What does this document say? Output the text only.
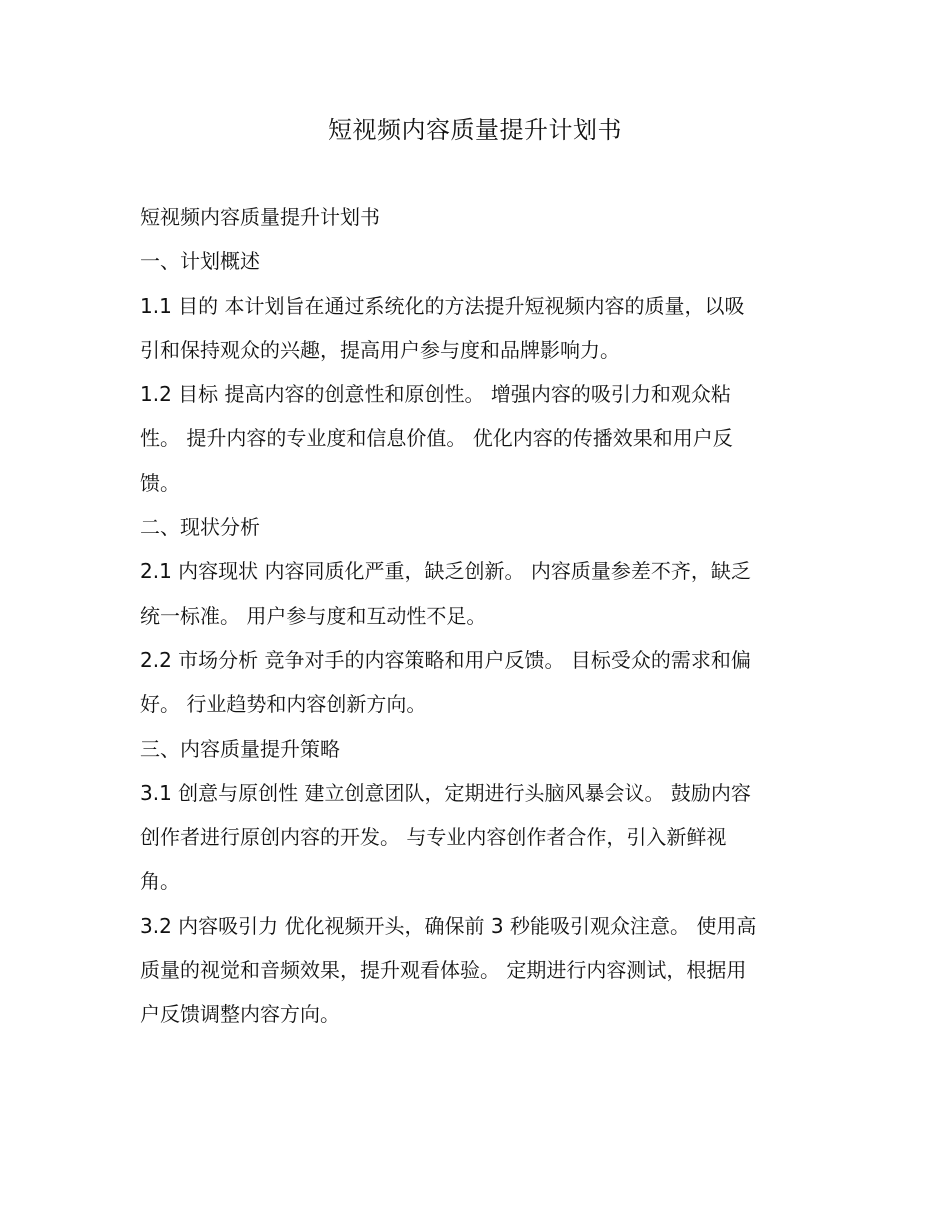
短视频内容质量提升计划书
短视频内容质量提升计划书
一、计划概述
1.1 目的 本计划旨在通过系统化的方法提升短视频内容的质量，以吸
引和保持观众的兴趣，提高用户参与度和品牌影响力。
1.2 目标 提高内容的创意性和原创性。 增强内容的吸引力和观众粘
性。 提升内容的专业度和信息价值。 优化内容的传播效果和用户反
馈。
二、现状分析
2.1 内容现状 内容同质化严重，缺乏创新。 内容质量参差不齐，缺乏
统一标准。 用户参与度和互动性不足。
2.2 市场分析 竞争对手的内容策略和用户反馈。 目标受众的需求和偏
好。 行业趋势和内容创新方向。
三、内容质量提升策略
3.1 创意与原创性 建立创意团队，定期进行头脑风暴会议。 鼓励内容
创作者进行原创内容的开发。 与专业内容创作者合作，引入新鲜视
角。
3.2 内容吸引力 优化视频开头，确保前 3 秒能吸引观众注意。 使用高
质量的视觉和音频效果，提升观看体验。 定期进行内容测试，根据用
户反馈调整内容方向。
